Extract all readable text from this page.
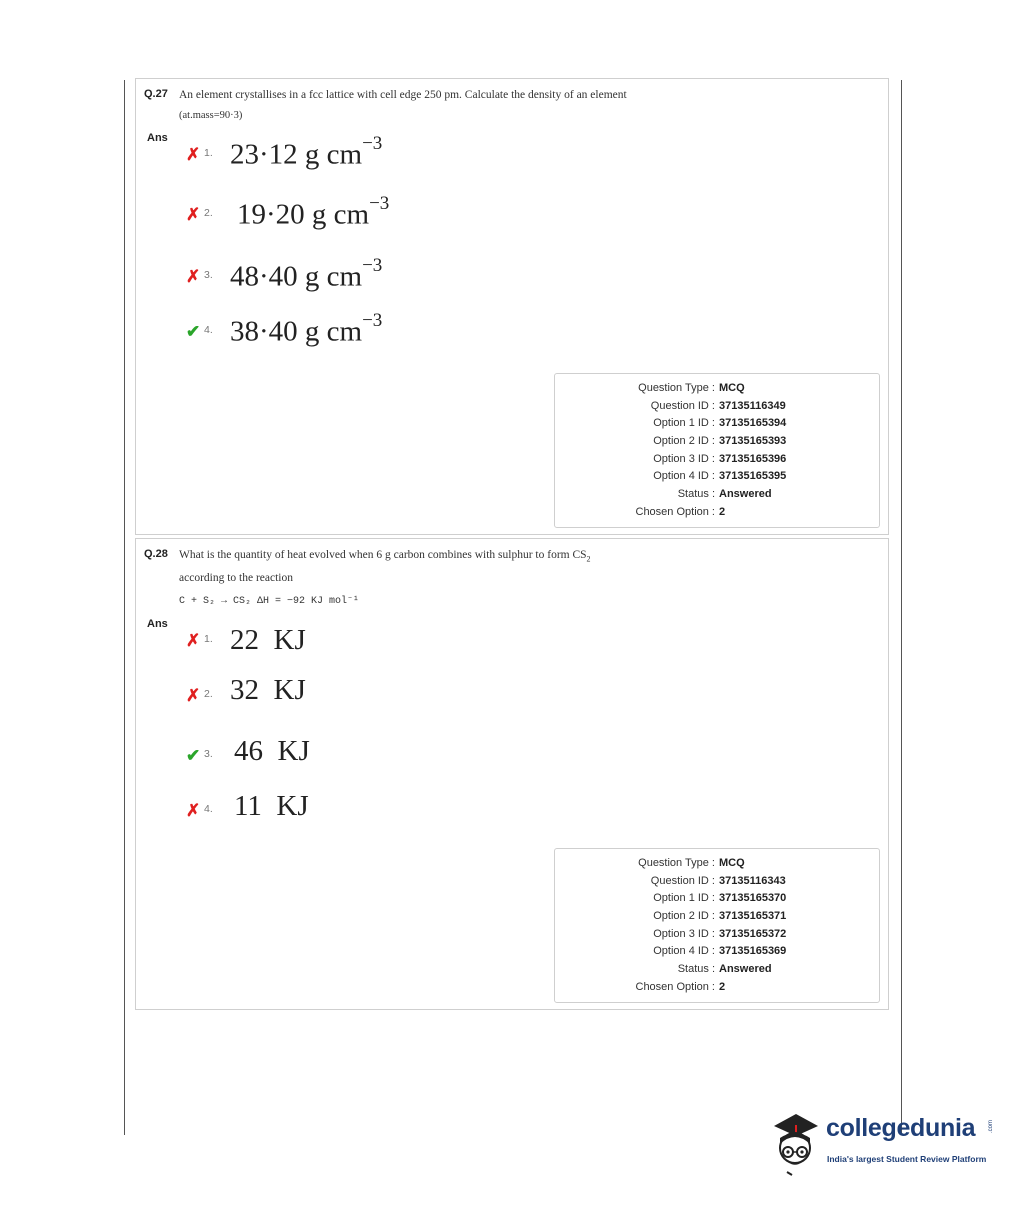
Q.27 An element crystallises in a fcc lattice with cell edge 250 pm. Calculate the density of an element
(at.mass=90·3)
Ans
✗ 1. 23·12 g $cm^{-3}$
✗ 2. 19·20 g $cm^{-3}$
✗ 3. 48·40 g $cm^{-3}$
✔ 4. 38·40 g $cm^{-3}$
Question Type : MCQ
Question ID : 37135116349
Option 1 ID : 37135165394
Option 2 ID : 37135165393
Option 3 ID : 37135165396
Option 4 ID : 37135165395
Status : Answered
Chosen Option : 2
Q.28 What is the quantity of heat evolved when 6 g carbon combines with sulphur to form $CS_2$
according to the reaction
C + S₂ → CS₂ ΔH = −92 KJ mol⁻¹
Ans
✗ 1. 22  KJ
✗ 2. 32  KJ
✔ 3. 46  KJ
✗ 4. 11  KJ
Question Type : MCQ
Question ID : 37135116343
Option 1 ID : 37135165370
Option 2 ID : 37135165371
Option 3 ID : 37135165372
Option 4 ID : 37135165369
Status : Answered
Chosen Option : 2
collegedunia .com
India's largest Student Review Platform
